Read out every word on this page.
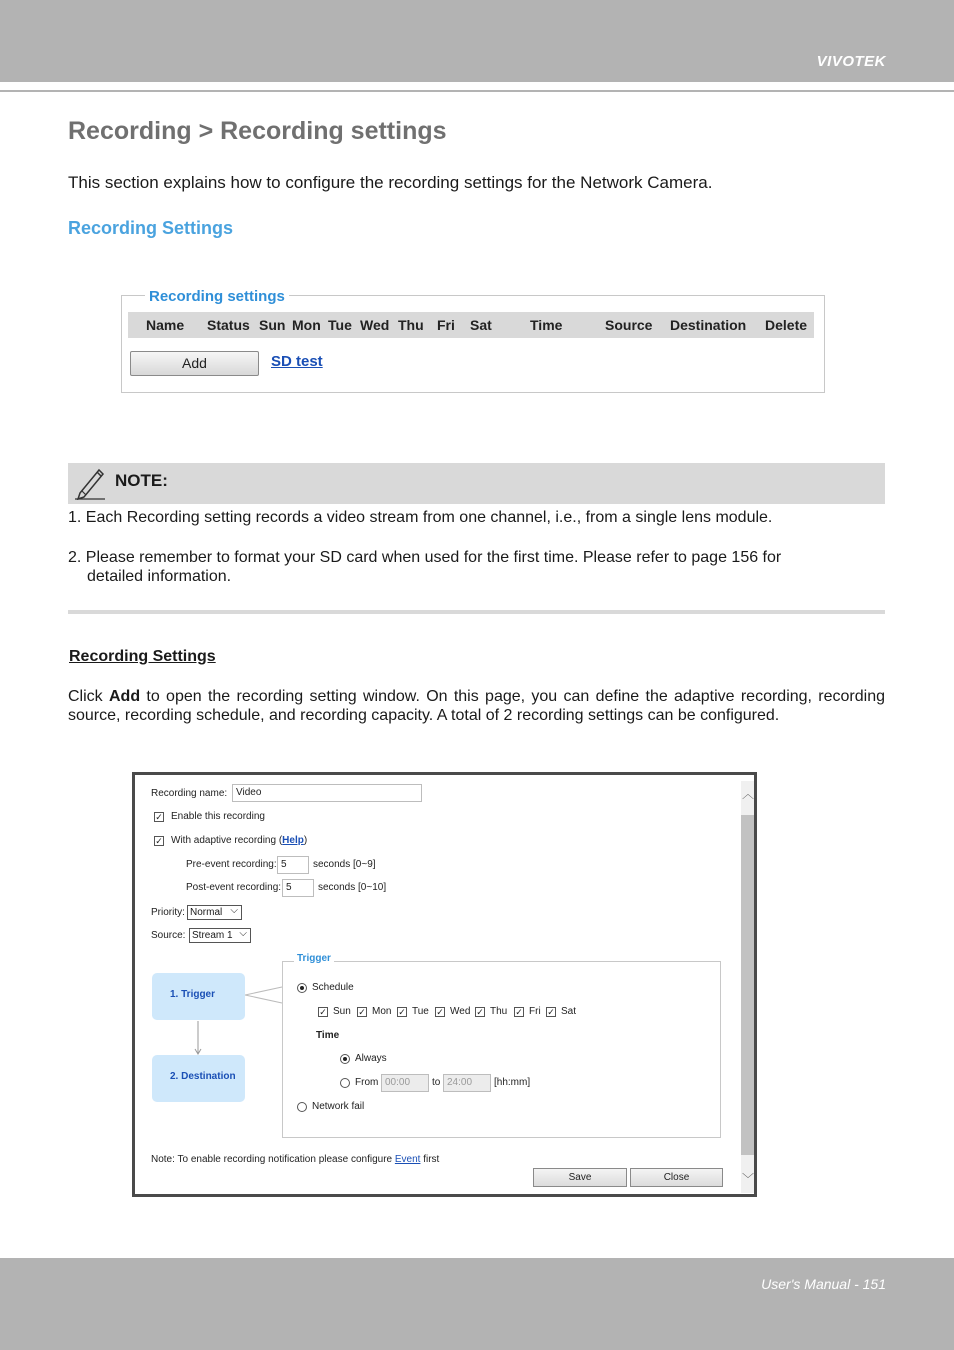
VIVOTEK
Recording > Recording settings
This section explains how to configure the recording settings for the Network Camera.
Recording Settings
Recording settings
Name Status Sun Mon Tue Wed Thu Fri Sat	Time	Source Destination Delete
Add	SD test
NOTE:
1. Each Recording setting records a video stream from one channel, i.e., from a single lens module.
2. Please remember to format your SD card when used for the first time. Please refer to page 156 for
detailed information.
Recording Settings
Click Add to open the recording setting window. On this page, you can define the adaptive recording, recording source, recording schedule, and recording capacity. A total of 2 recording settings can be configured.
Recording name: Video
✓ Enable this recording
✓ With adaptive recording (Help)
Pre-event recording: 5	seconds [0~9]
Post-event recording: 5	seconds [0~10]
Priority: Normal ⌵
Source: Stream 1 ⌵
1. Trigger
2. Destination
Trigger
Schedule
✓ Sun ✓ Mon ✓ Tue ✓ Wed ✓ Thu ✓ Fri ✓ Sat
Time
Always
From 00:00	to 24:00	[hh:mm]
Network fail
Note: To enable recording notification please configure Event first
Save	Close
︿
﹀
User's Manual - 151
